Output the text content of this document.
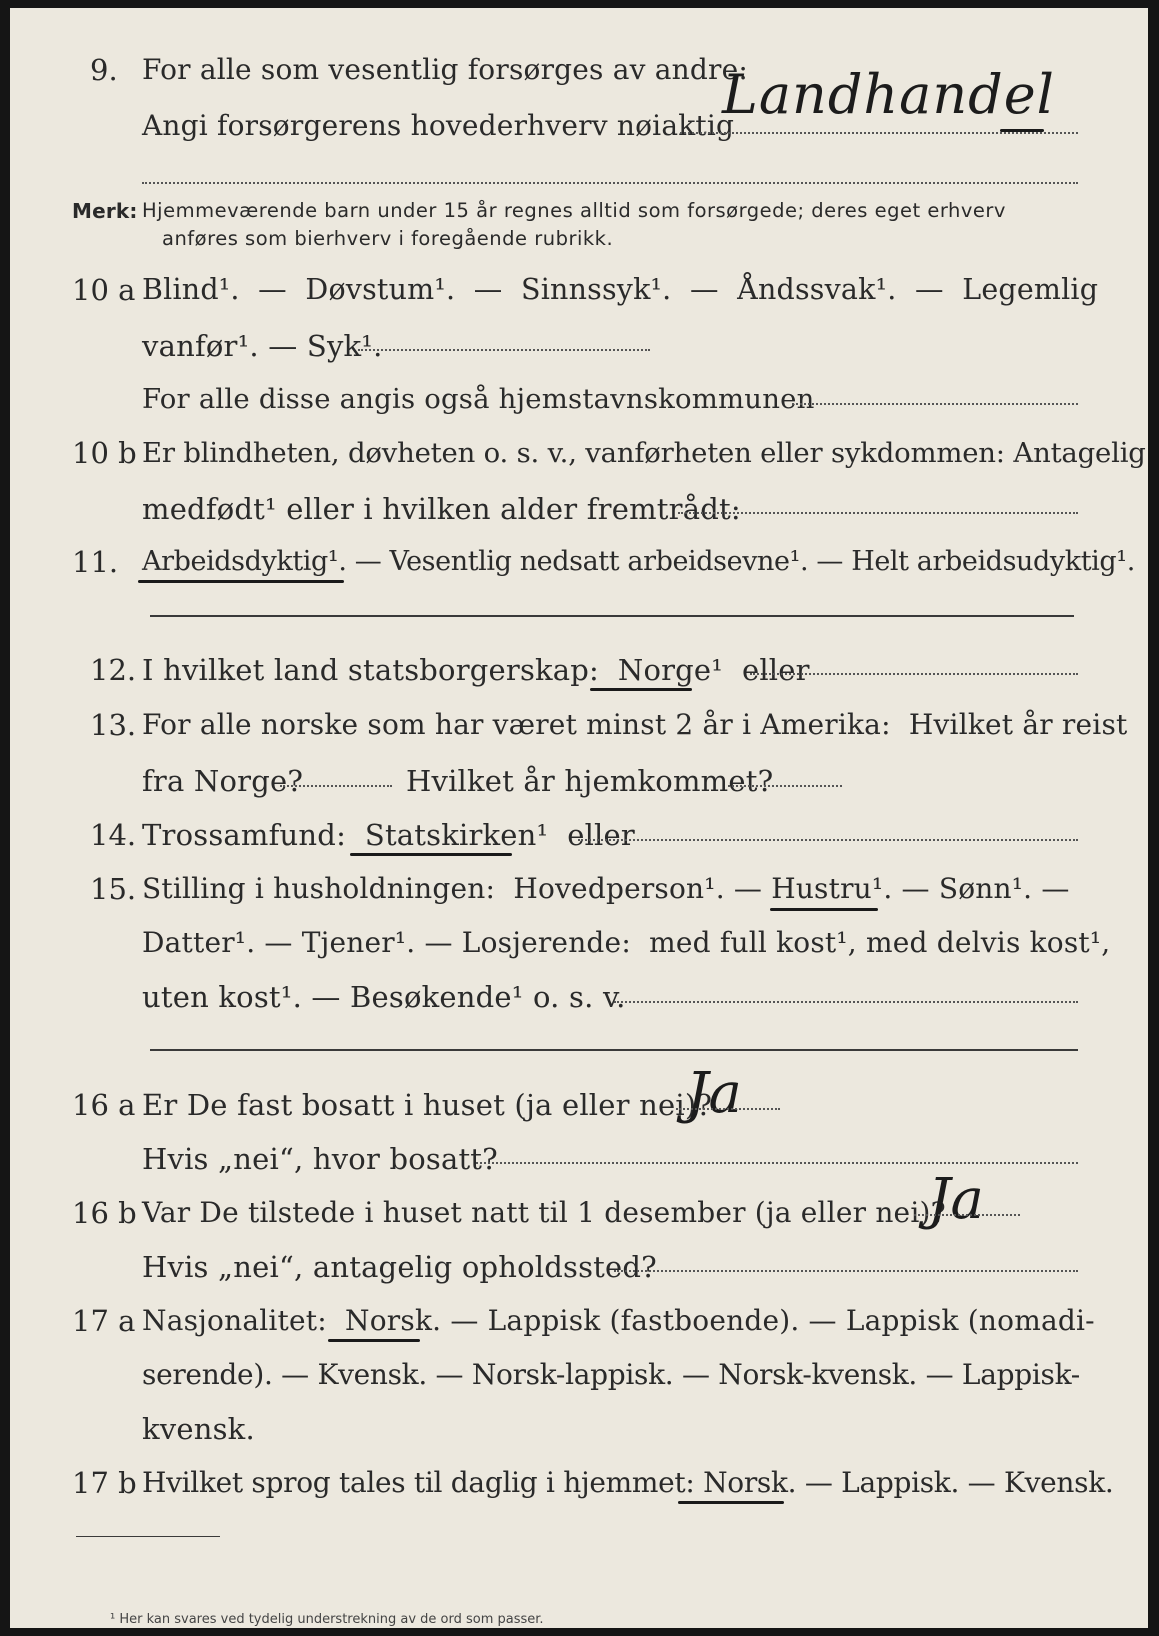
9. For alle som vesentlig forsørges av andre:
Angi forsørgerens hovederhverv nøiaktig
Landhandel
Merk: Hjemmeværende barn under 15 år regnes alltid som forsørgede; deres eget erhverv
anføres som bierhverv i foregående rubrikk.
10 a Blind¹.  —  Døvstum¹.  —  Sinnssyk¹.  —  Åndssvak¹.  —  Legemlig
vanfør¹. — Syk¹.
For alle disse angis også hjemstavnskommunen
10 b Er blindheten, døvheten o. s. v., vanførheten eller sykdommen: Antagelig
medfødt¹ eller i hvilken alder fremtrådt:
11. Arbeidsdyktig¹. — Vesentlig nedsatt arbeidsevne¹. — Helt arbeidsudyktig¹.
12. I hvilket land statsborgerskap:  Norge¹  eller
13. For alle norske som har været minst 2 år i Amerika:  Hvilket år reist
fra Norge?	Hvilket år hjemkommet?
14. Trossamfund:  Statskirken¹  eller
15. Stilling i husholdningen:  Hovedperson¹. — Hustru¹. — Sønn¹. —
Datter¹. — Tjener¹. — Losjerende:  med full kost¹, med delvis kost¹,
uten kost¹. — Besøkende¹ o. s. v.
16 a Er De fast bosatt i huset (ja eller nei)?
Ja
Hvis „nei“, hvor bosatt?
16 b Var De tilstede i huset natt til 1 desember (ja eller nei)?
Ja
Hvis „nei“, antagelig opholdssted?
17 a Nasjonalitet:  Norsk. — Lappisk (fastboende). — Lappisk (nomadi-
serende). — Kvensk. — Norsk-lappisk. — Norsk-kvensk. — Lappisk-
kvensk.
17 b Hvilket sprog tales til daglig i hjemmet: Norsk. — Lappisk. — Kvensk.
¹ Her kan svares ved tydelig understrekning av de ord som passer.
